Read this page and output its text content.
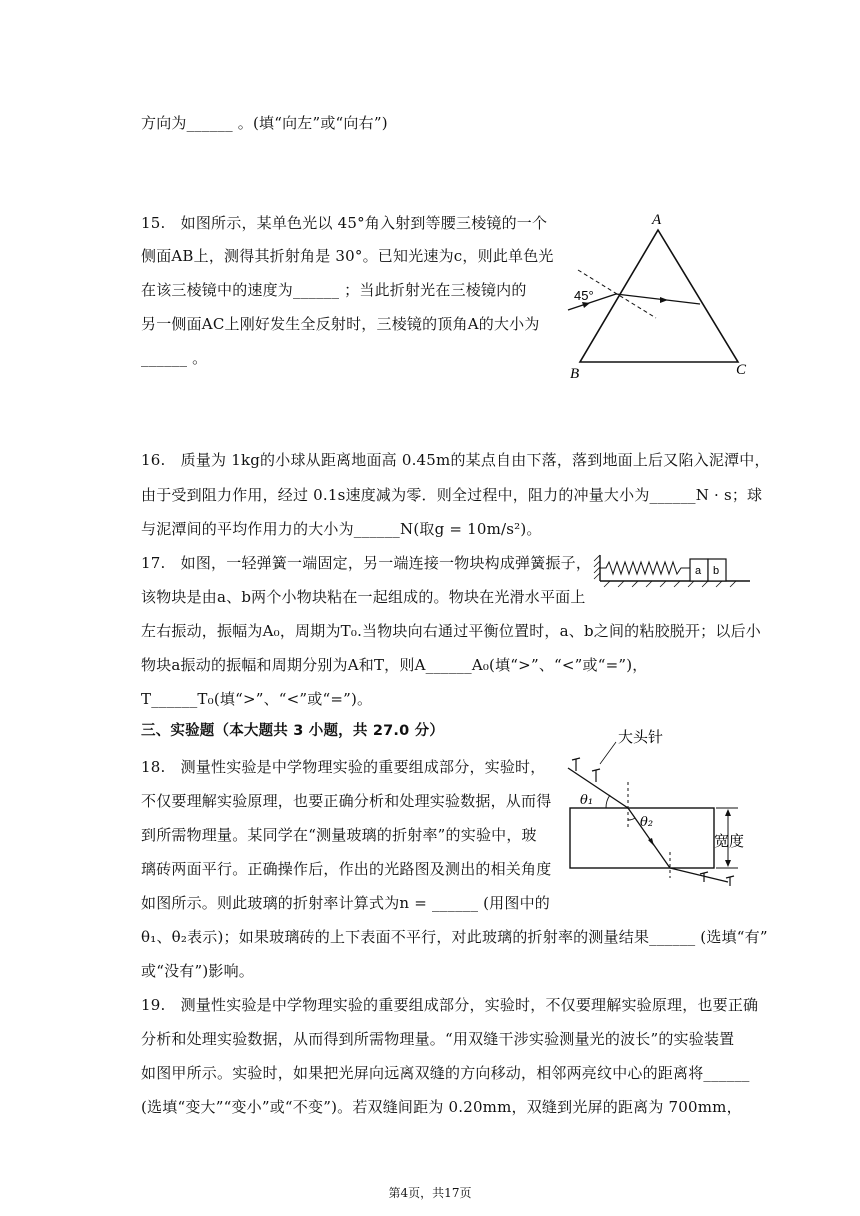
方向为______ 。(填“向左”或“向右”)
15.　如图所示，某单色光以 45°角入射到等腰三棱镜的一个
侧面AB上，测得其折射角是 30°。已知光速为c，则此单色光
在该三棱镜中的速度为______ ；当此折射光在三棱镜内的
另一侧面AC上刚好发生全反射时，三棱镜的顶角A的大小为
______ 。
16.　质量为 1kg的小球从距离地面高 0.45m的某点自由下落，落到地面上后又陷入泥潭中，
由于受到阻力作用，经过 0.1s速度减为零．则全过程中，阻力的冲量大小为______N · s；球
与泥潭间的平均作用力的大小为______N(取g = 10m/s²)。
17.　如图，一轻弹簧一端固定，另一端连接一物块构成弹簧振子，
该物块是由a、b两个小物块粘在一起组成的。物块在光滑水平面上
左右振动，振幅为A₀，周期为T₀.当物块向右通过平衡位置时，a、b之间的粘胶脱开；以后小
物块a振动的振幅和周期分别为A和T，则A______A₀(填“>”、“<”或“=”)，
T______T₀(填“>”、“<”或“=”)。
三、实验题（本大题共 3 小题，共 27.0 分）
18.　测量性实验是中学物理实验的重要组成部分，实验时，
不仅要理解实验原理，也要正确分析和处理实验数据，从而得
到所需物理量。某同学在“测量玻璃的折射率”的实验中，玻
璃砖两面平行。正确操作后，作出的光路图及测出的相关角度
如图所示。则此玻璃的折射率计算式为n = ______ (用图中的
θ₁、θ₂表示)；如果玻璃砖的上下表面不平行，对此玻璃的折射率的测量结果______ (选填“有”
或“没有”)影响。
19.　测量性实验是中学物理实验的重要组成部分，实验时，不仅要理解实验原理，也要正确
分析和处理实验数据，从而得到所需物理量。“用双缝干涉实验测量光的波长”的实验装置
如图甲所示。实验时，如果把光屏向远离双缝的方向移动，相邻两亮纹中心的距离将______
(选填“变大”“变小”或“不变”)。若双缝间距为 0.20mm，双缝到光屏的距离为 700mm，
A
B	C
45°
a b
大头针
θ₁
θ₂
宽度
第4页，共17页
